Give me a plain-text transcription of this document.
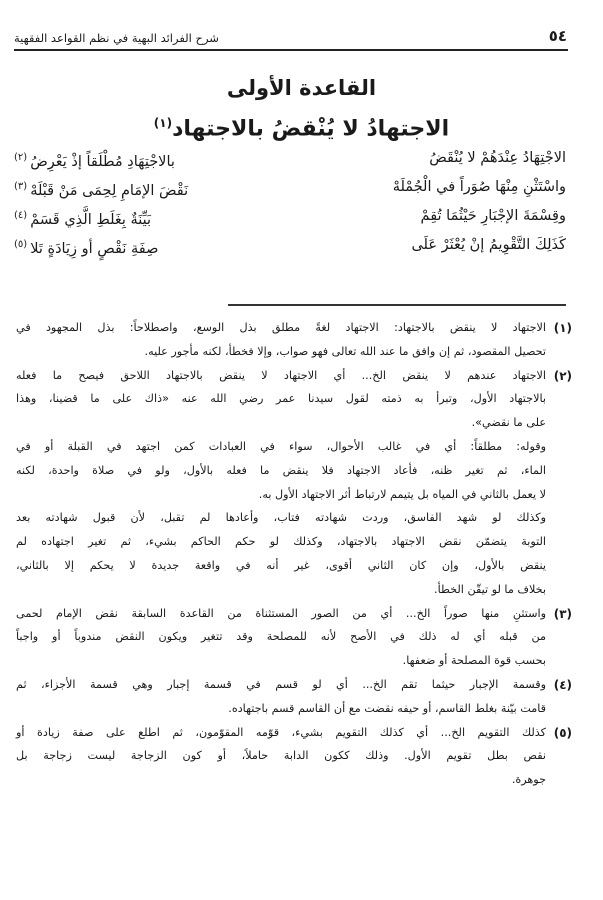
٥٤
شرح الفرائد البهية في نظم القواعد الفقهية
القاعدة الأولى
الاجتهادُ لا يُنْقضُ بالاجتهاد$^{(١)}$
الاجْتِهَادُ عِنْدَهُمْ لا يُنْقَضُ
بالاجْتِهَادِ مُطْلَقاً إذْ يَعْرِضُ$^{(٢)}$
واسْتَثْنِ مِنْهَا صُوَراً في الْجُمْلَهْ
نَقْضَ الإمَامِ لِحِمَى مَنْ قَبْلَهْ$^{(٣)}$
وقِسْمَةَ الإجْبَارِ حَيْثُمَا تُقِمْ
بَيِّنَةٌ بِغَلَطِ الَّذِي قَسَمْ$^{(٤)}$
كَذَلِكَ التَّقْوِيمُ إنْ يُعْثَرْ عَلَى
صِفَةِ نَقْصٍ أو زِيَادَةٍ تَلا$^{(٥)}$
(١)
الاجتهاد لا ينقض بالاجتهاد: الاجتهاد لغةً مطلق بذل الوسع، واصطلاحاً: بذل المجهود في
تحصيل المقصود، ثم إن وافق ما عند الله تعالى فهو صواب، وإلا فخطأ، لكنه مأجور عليه.
(٢)
الاجتهاد عندهم لا ينقض الخ... أي الاجتهاد لا ينقض بالاجتهاد اللاحق فيصح ما فعله
بالاجتهاد الأول، وتبرأ به ذمته لقول سيدنا عمر رضي الله عنه «ذاك على ما قضينا، وهذا
على ما نقضي».
وقوله: مطلقاً: أي في غالب الأحوال، سواء في العبادات كمن اجتهد في القبلة أو في
الماء، ثم تغير ظنه، فأعاد الاجتهاد فلا ينقض ما فعله بالأول، ولو في صلاة واحدة، لكنه
لا يعمل بالثاني في المياه بل يتيمم لارتباط أثر الاجتهاد الأول به.
وكذلك لو شهد الفاسق، وردت شهادته فتاب، وأعادها لم تقبل، لأن قبول شهادته بعد
التوبة يتضمّن نقض الاجتهاد بالاجتهاد، وكذلك لو حكم الحاكم بشيء، ثم تغير اجتهاده لم
ينقض بالأول، وإن كان الثاني أقوى، غير أنه في واقعة جديدة لا يحكم إلا بالثاني،
بخلاف ما لو تيقّن الخطأ.
(٣)
واستثنِ منها صوراً الخ... أي من الصور المستثناة من القاعدة السابقة نقض الإمام لحمى
من قبله أي له ذلك في الأصح لأنه للمصلحة وقد تتغير ويكون النقض مندوباً أو واجباً
بحسب قوة المصلحة أو ضعفها.
(٤)
وقسمة الإجبار حيثما تقم الخ... أي لو قسم في قسمة إجبار وهي قسمة الأجزاء، ثم
قامت بيّنة بغلط القاسم، أو حيفه نقضت مع أن القاسم قسم باجتهاده.
(٥)
كذلك التقويم الخ... أي كذلك التقويم بشيء، قوّمه المقوّمون، ثم اطلع على صفة زيادة أو
نقص بطل تقويم الأول. وذلك ككون الدابة حاملاً، أو كون الزجاجة ليست زجاجة بل
جوهرة.
